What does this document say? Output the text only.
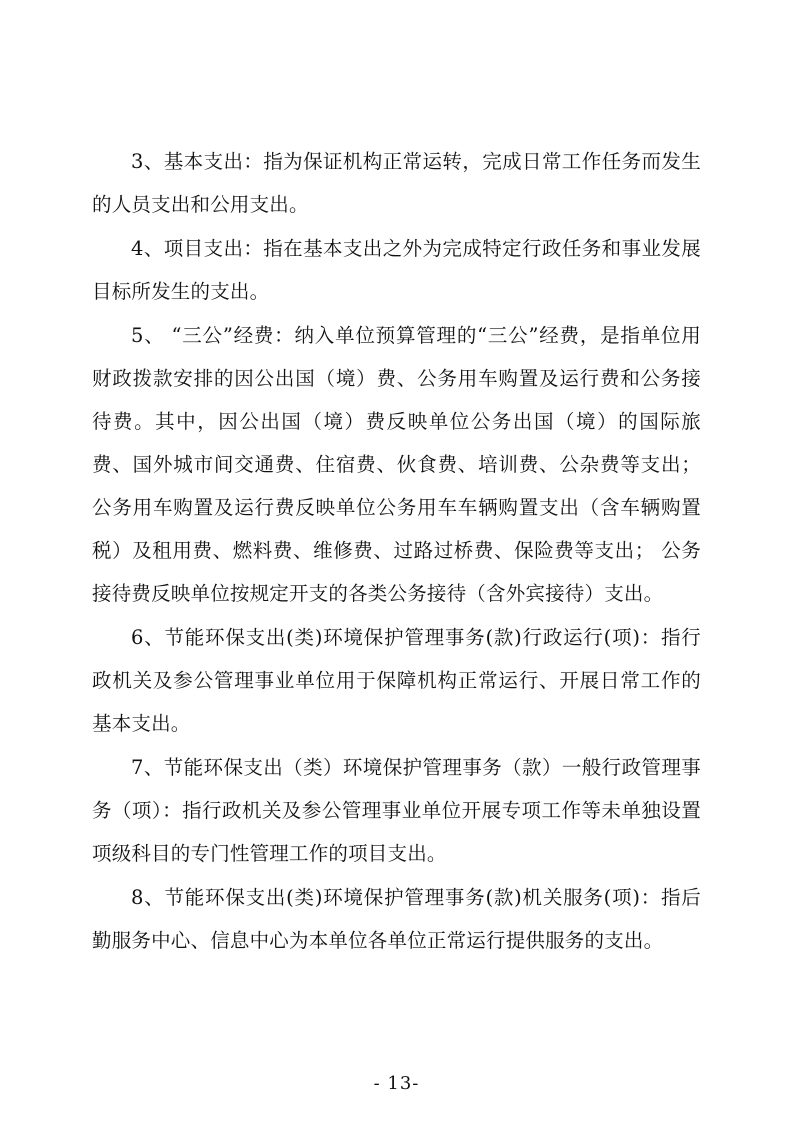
3、基本支出：指为保证机构正常运转，完成日常工作任务而发生的人员支出和公用支出。

4、项目支出：指在基本支出之外为完成特定行政任务和事业发展目标所发生的支出。

5、 “三公”经费：纳入单位预算管理的“三公”经费，是指单位用财政拨款安排的因公出国（境）费、公务用车购置及运行费和公务接待费。其中，因公出国（境）费反映单位公务出国（境）的国际旅费、国外城市间交通费、住宿费、伙食费、培训费、公杂费等支出； 公务用车购置及运行费反映单位公务用车车辆购置支出（含车辆购置税）及租用费、燃料费、维修费、过路过桥费、保险费等支出； 公务接待费反映单位按规定开支的各类公务接待（含外宾接待）支出。

6、节能环保支出(类)环境保护管理事务(款)行政运行(项)：指行政机关及参公管理事业单位用于保障机构正常运行、开展日常工作的基本支出。

7、节能环保支出（类）环境保护管理事务（款）一般行政管理事务（项）：指行政机关及参公管理事业单位开展专项工作等未单独设置项级科目的专门性管理工作的项目支出。

8、节能环保支出(类)环境保护管理事务(款)机关服务(项)：指后勤服务中心、信息中心为本单位各单位正常运行提供服务的支出。

- 13-
